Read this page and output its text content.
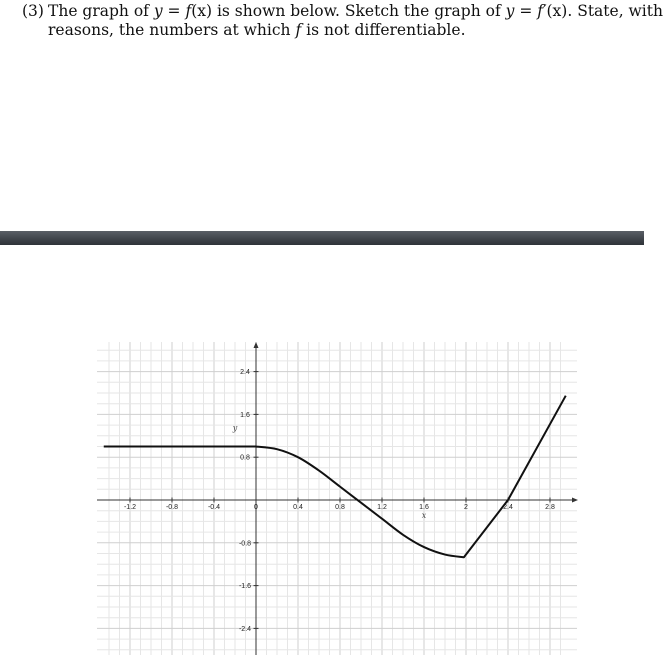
(3) The graph of y = f(x) is shown below. Sketch the graph of y = f′(x). State, with
reasons, the numbers at which f is not differentiable.
-1.2	-0.8	-0.4	0	0.4	0.8	1.2	1.6	2	2.4	2.8
2.4
1.6
0.8
-0.8
-1.6
-2.4
x
y
